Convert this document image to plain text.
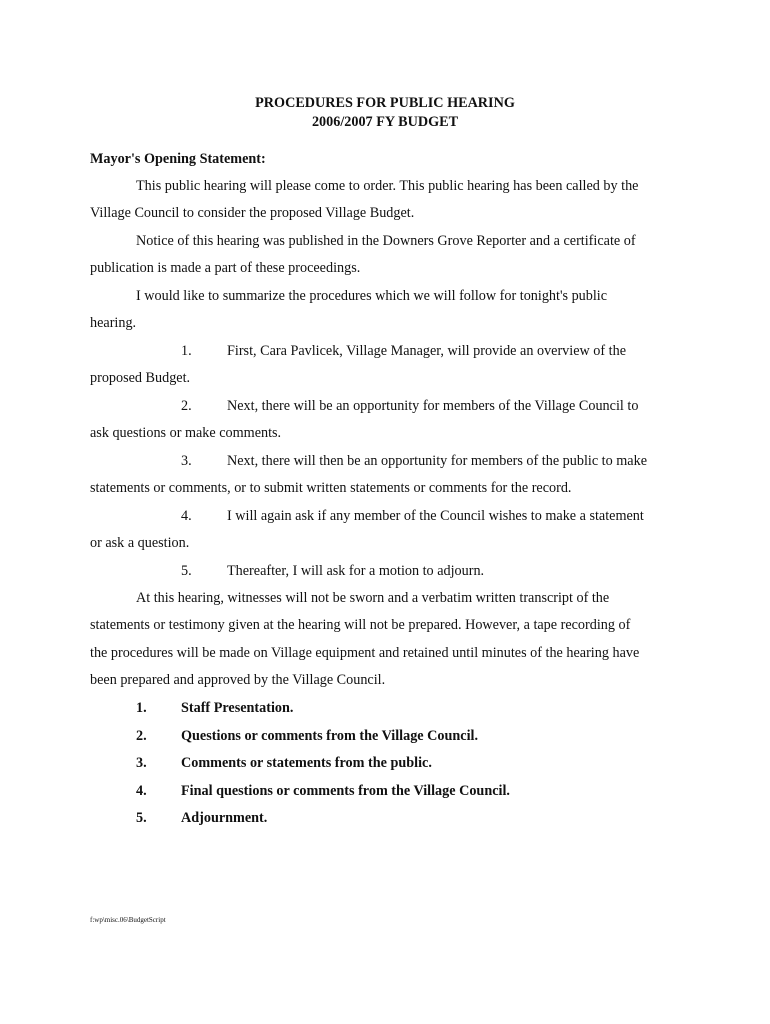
PROCEDURES FOR PUBLIC HEARING
2006/2007 FY BUDGET
Mayor's Opening Statement:
This public hearing will please come to order. This public hearing has been called by the
Village Council to consider the proposed Village Budget.
Notice of this hearing was published in the Downers Grove Reporter and a certificate of
publication is made a part of these proceedings.
I would like to summarize the procedures which we will follow for tonight's public
hearing.
1. First, Cara Pavlicek, Village Manager, will provide an overview of the
proposed Budget.
2. Next, there will be an opportunity for members of the Village Council to
ask questions or make comments.
3. Next, there will then be an opportunity for members of the public to make
statements or comments, or to submit written statements or comments for the record.
4. I will again ask if any member of the Council wishes to make a statement
or ask a question.
5. Thereafter, I will ask for a motion to adjourn.
At this hearing, witnesses will not be sworn and a verbatim written transcript of the
statements or testimony given at the hearing will not be prepared. However, a tape recording of
the procedures will be made on Village equipment and retained until minutes of the hearing have
been prepared and approved by the Village Council.
1. Staff Presentation.
2. Questions or comments from the Village Council.
3. Comments or statements from the public.
4. Final questions or comments from the Village Council.
5. Adjournment.
f:wp\misc.06\BudgetScript
